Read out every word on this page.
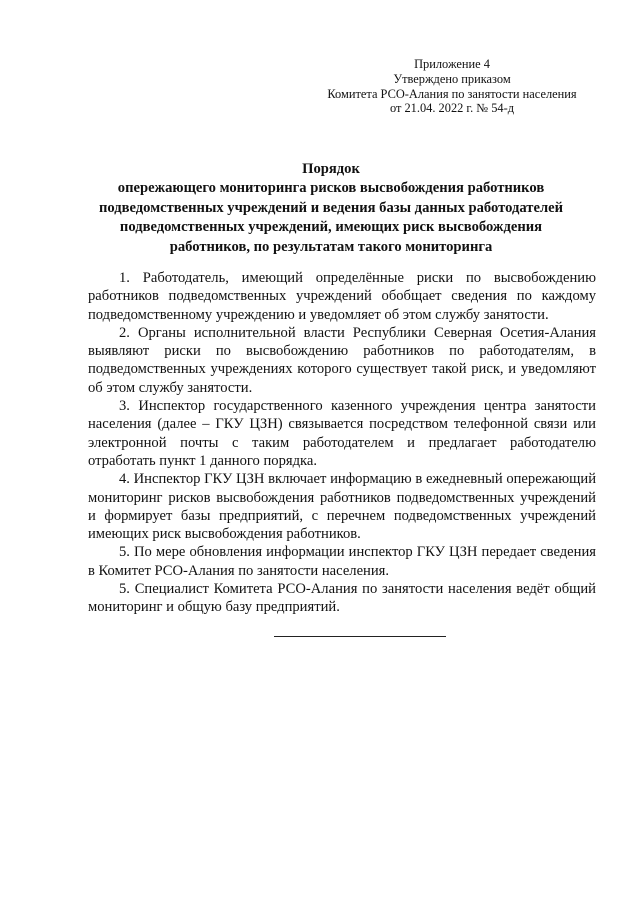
Приложение 4
Утверждено приказом
Комитета РСО-Алания по занятости населения
от 21.04. 2022 г. № 54-д
Порядок
опережающего мониторинга рисков высвобождения работников
подведомственных учреждений и ведения базы данных работодателей
подведомственных учреждений, имеющих риск высвобождения
работников, по результатам такого мониторинга

1. Работодатель, имеющий определённые риски по высвобождению работников подведомственных учреждений обобщает сведения по каждому подведомственному учреждению и уведомляет об этом службу занятости.

2. Органы исполнительной власти Республики Северная Осетия-Алания выявляют риски по высвобождению работников по работодателям, в подведомственных учреждениях которого существует такой риск, и уведомляют об этом службу занятости.

3. Инспектор государственного казенного учреждения центра занятости населения (далее – ГКУ ЦЗН) связывается посредством телефонной связи или электронной почты с таким работодателем и предлагает работодателю отработать пункт 1 данного порядка.

4. Инспектор ГКУ ЦЗН включает информацию в ежедневный опережающий мониторинг рисков высвобождения работников подведомственных учреждений и формирует базы предприятий, с перечнем подведомственных учреждений имеющих риск высвобождения работников.

5. По мере обновления информации инспектор ГКУ ЦЗН передает сведения в Комитет РСО-Алания по занятости населения.

5. Специалист Комитета РСО-Алания по занятости населения ведёт общий мониторинг и общую базу предприятий.
